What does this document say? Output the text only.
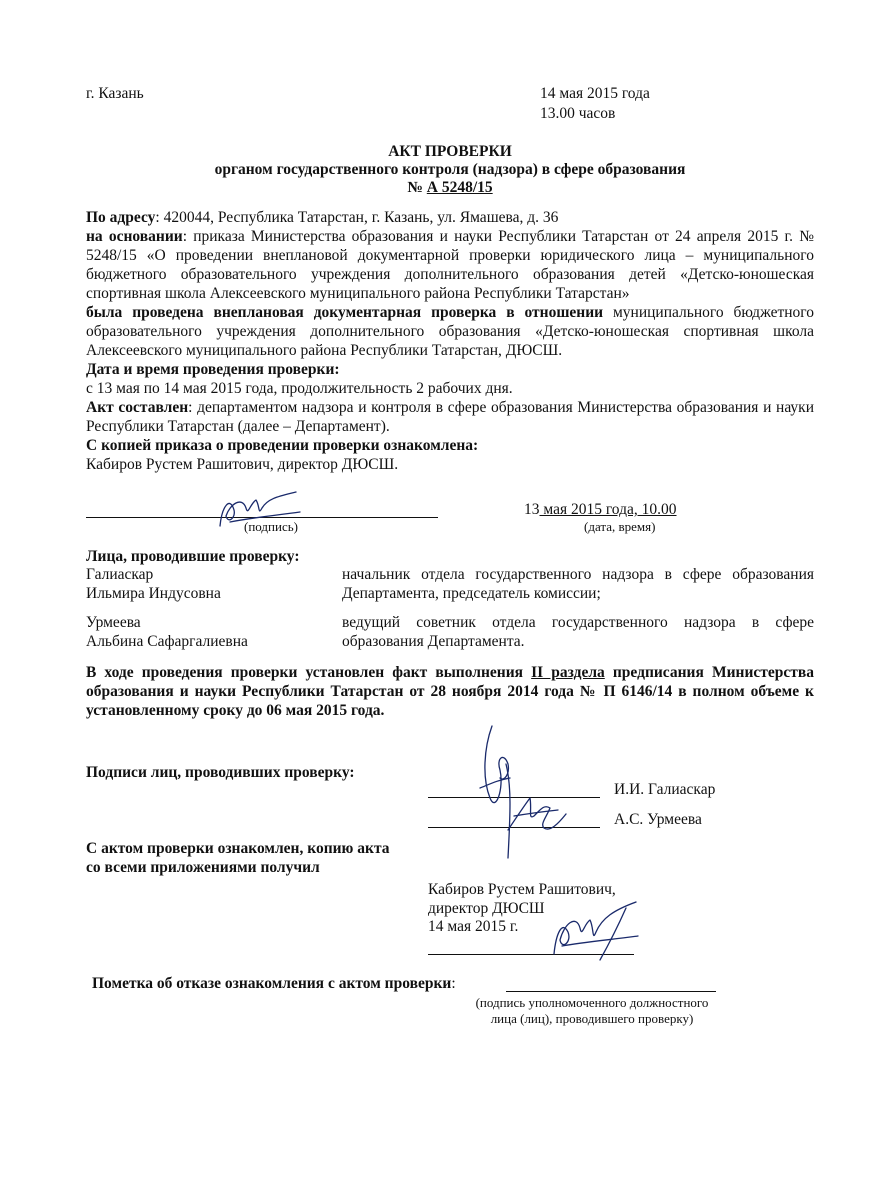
г. Казань	14 мая 2015 года
13.00 часов
АКТ ПРОВЕРКИ
органом государственного контроля (надзора) в сфере образования
№ А 5248/15

По адресу: 420044, Республика Татарстан, г. Казань, ул. Ямашева, д. 36

на основании: приказа Министерства образования и науки Республики Татарстан от 24 апреля 2015 г. № 5248/15 «О проведении внеплановой документарной проверки юридического лица – муниципального бюджетного образовательного учреждения дополнительного образования детей «Детско-юношеская спортивная школа Алексеевского муниципального района Республики Татарстан»

была проведена внеплановая документарная проверка в отношении муниципального бюджетного образовательного учреждения дополнительного образования «Детско-юношеская спортивная школа Алексеевского муниципального района Республики Татарстан, ДЮСШ.

Дата и время проведения проверки:

с 13 мая по 14 мая 2015 года, продолжительность 2 рабочих дня.

Акт составлен: департаментом надзора и контроля в сфере образования Министерства образования и науки Республики Татарстан (далее – Департамент).

С копией приказа о проведении проверки ознакомлена:

Кабиров Рустем Рашитович, директор ДЮСШ.

(подпись)
13 мая 2015 года, 10.00
(дата, время)
Лица, проводившие проверку:
Галиаскар
Ильмира Индусовна
начальник отдела государственного надзора в сфере образования Департамента, председатель комиссии;
Урмеева
Альбина Сафаргалиевна
ведущий советник отдела государственного надзора в сфере образования Департамента.
В ходе проведения проверки установлен факт выполнения II раздела предписания Министерства образования и науки Республики Татарстан от 28 ноября 2014 года № П 6146/14 в полном объеме к установленному сроку до 06 мая 2015 года.
Подписи лиц, проводивших проверку:
И.И. Галиаскар
А.С. Урмеева
С актом проверки ознакомлен, копию акта
со всеми приложениями получил
Кабиров Рустем Рашитович,
директор ДЮСШ
14 мая 2015 г.
Пометка об отказе ознакомления с актом проверки:
(подпись уполномоченного должностного
лица (лиц), проводившего проверку)
